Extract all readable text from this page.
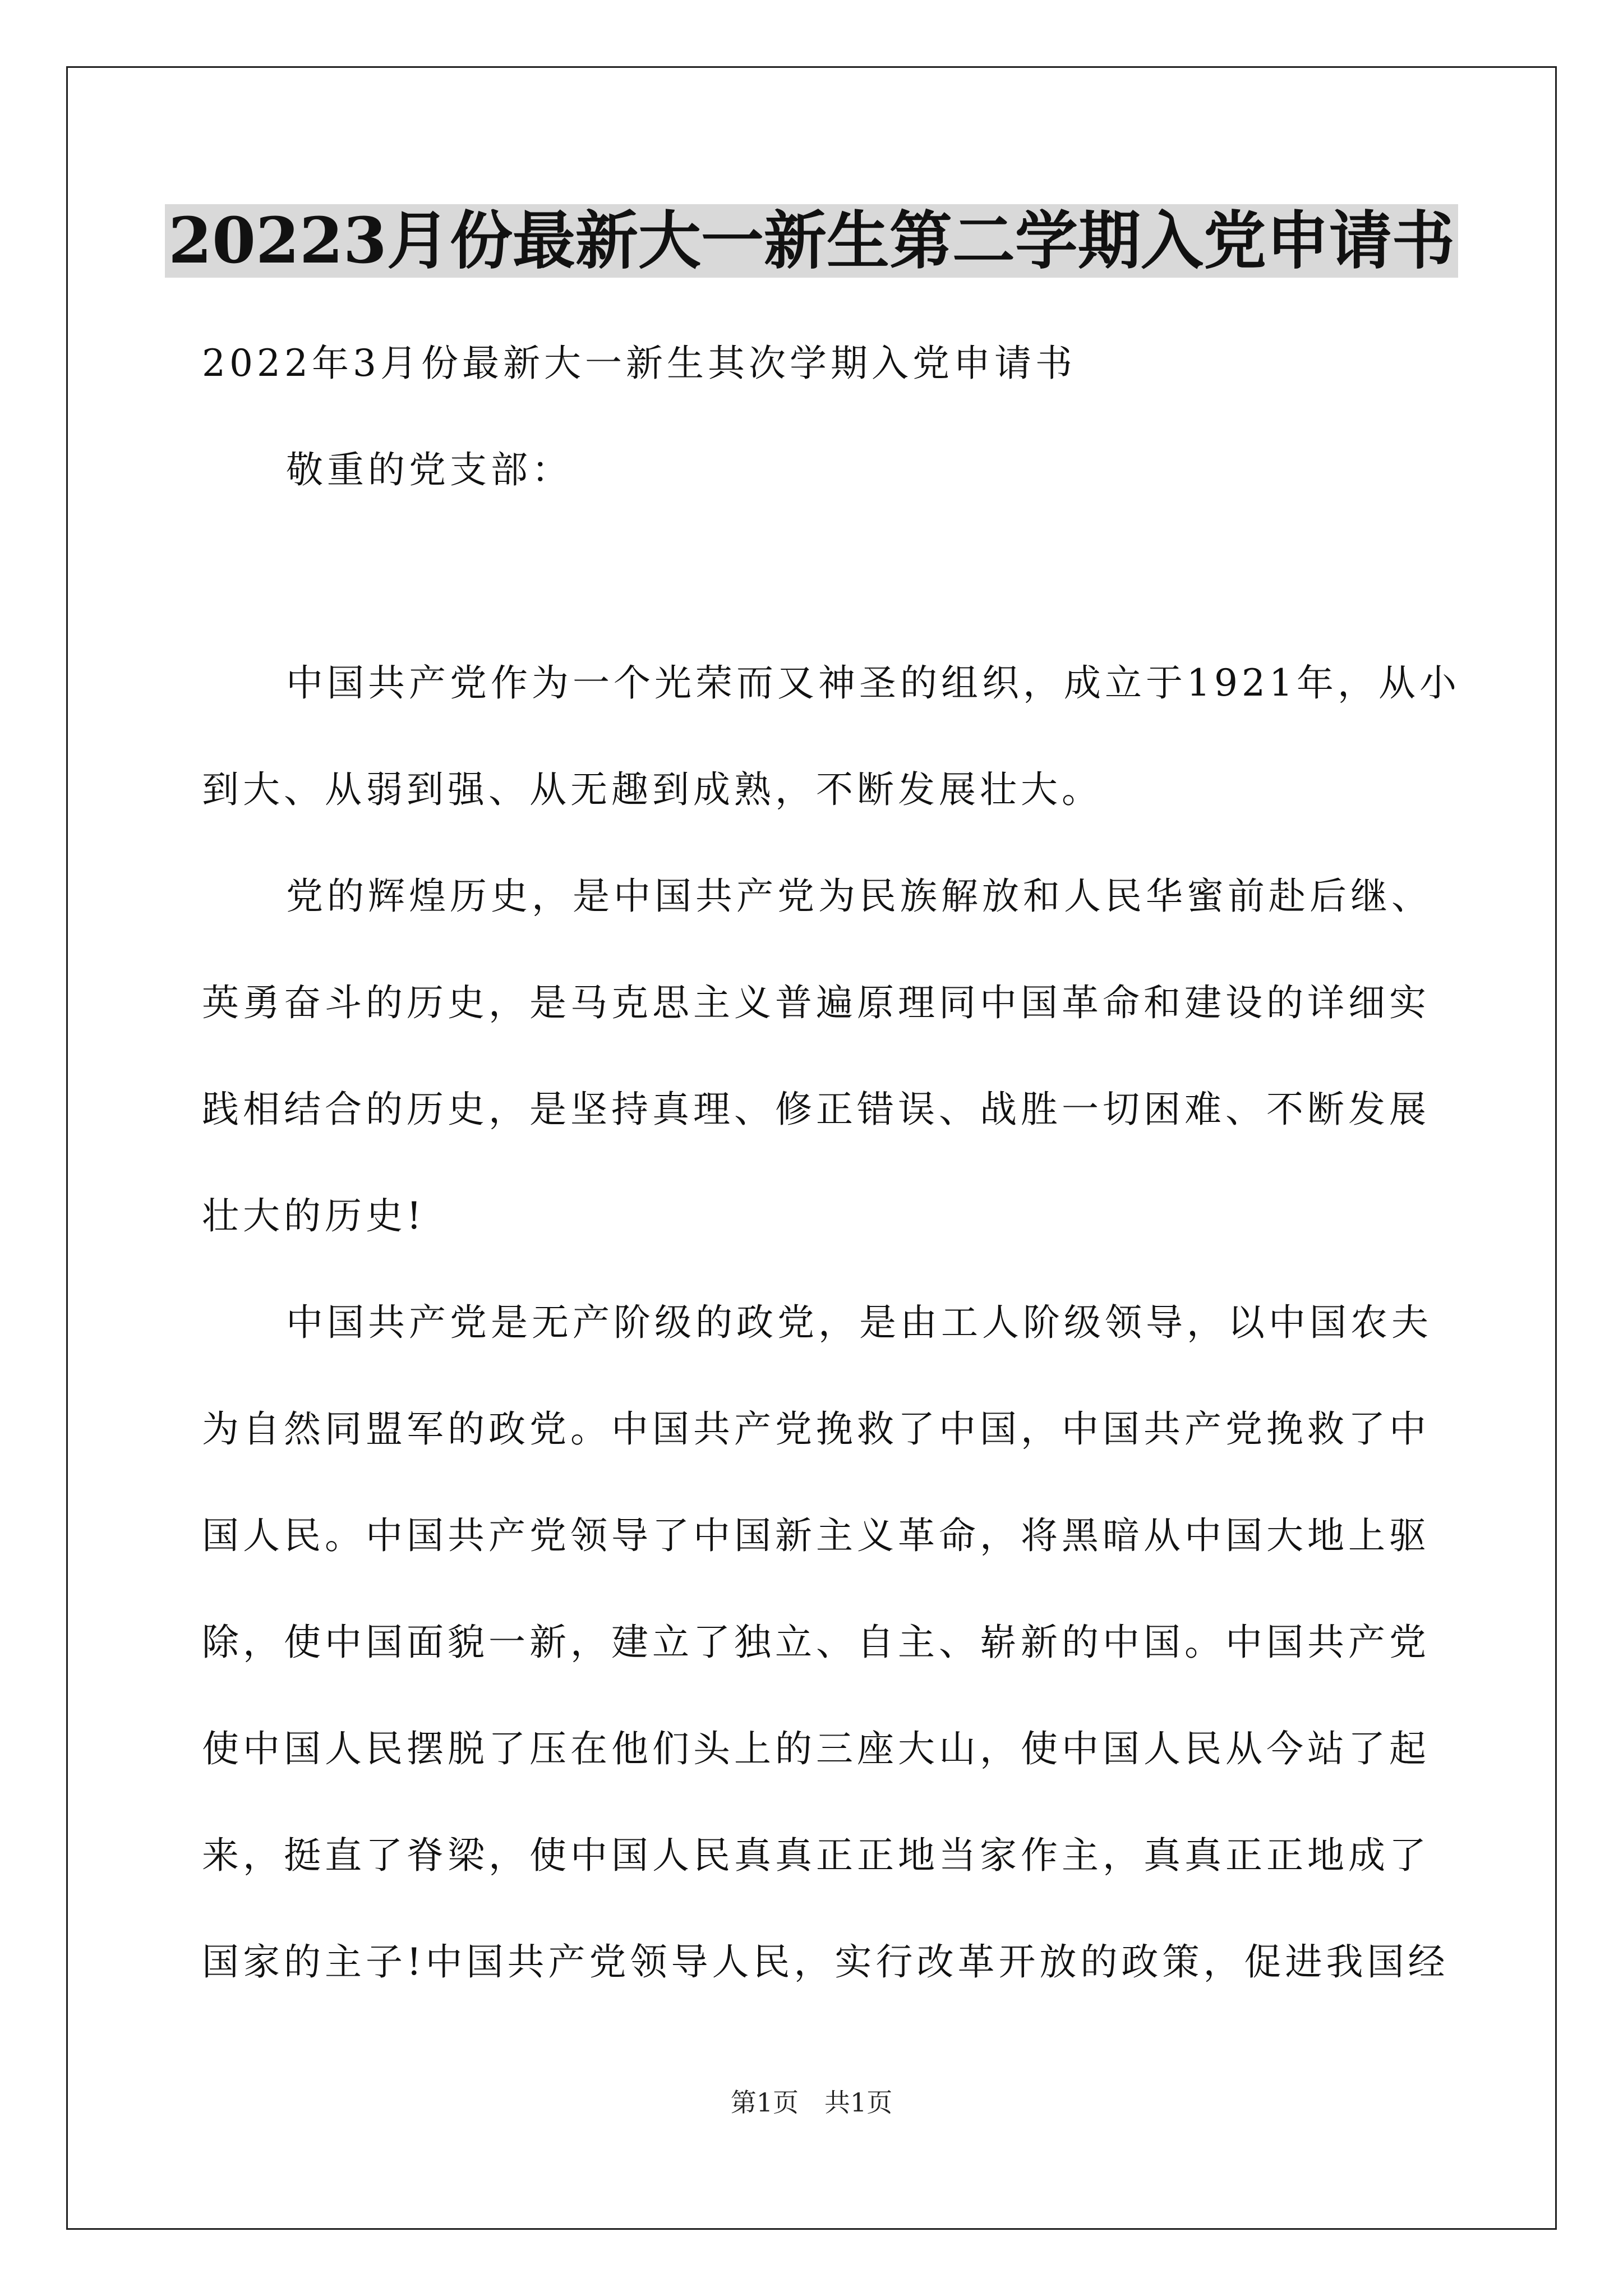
20223月份最新大一新生第二学期入党申请书
2022年3月份最新大一新生其次学期入党申请书
敬重的党支部：
中国共产党作为一个光荣而又神圣的组织，成立于1921年，从小
到大、从弱到强、从无趣到成熟，不断发展壮大。
党的辉煌历史，是中国共产党为民族解放和人民华蜜前赴后继、
英勇奋斗的历史，是马克思主义普遍原理同中国革命和建设的详细实
践相结合的历史，是坚持真理、修正错误、战胜一切困难、不断发展
壮大的历史!
中国共产党是无产阶级的政党，是由工人阶级领导，以中国农夫
为自然同盟军的政党。中国共产党挽救了中国，中国共产党挽救了中
国人民。中国共产党领导了中国新主义革命，将黑暗从中国大地上驱
除，使中国面貌一新，建立了独立、自主、崭新的中国。中国共产党
使中国人民摆脱了压在他们头上的三座大山，使中国人民从今站了起
来，挺直了脊梁，使中国人民真真正正地当家作主，真真正正地成了
国家的主子!中国共产党领导人民，实行改革开放的政策，促进我国经
第1页　共1页
